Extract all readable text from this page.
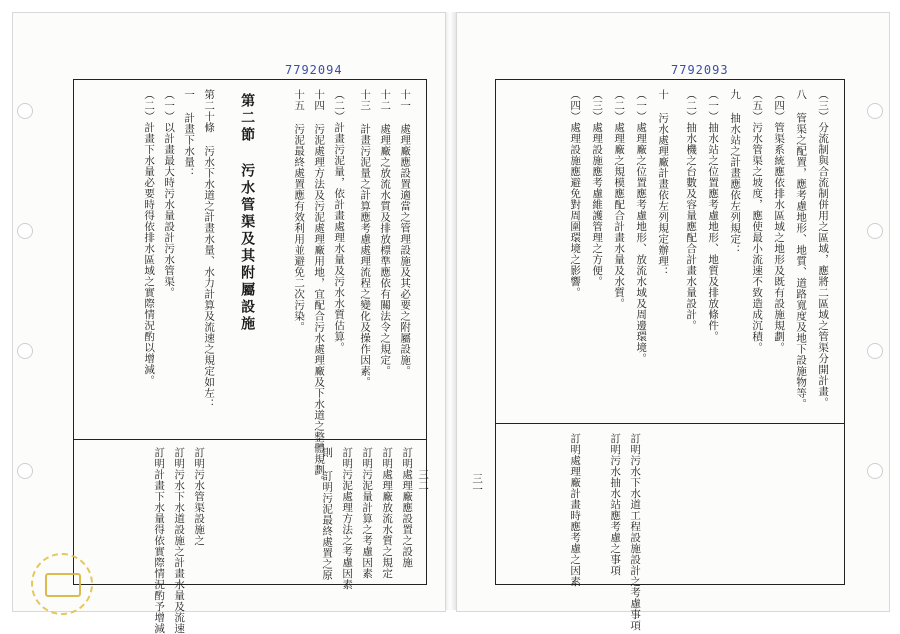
7792094
十一 處理廠應設置適當之管理設施及其必要之附屬設施。
十二 處理廠之放流水質及排放標準應依有關法令之規定。
十三 計畫污泥量之計算應考慮處理流程之變化及操作因素。
（二）計畫污泥量，依計畫處理水量及污水水質估算。
十四 污泥處理方法及污泥處理廠用地，宜配合污水處理廠及下水道之整體規劃。
十五 污泥最終處置應有效利用並避免二次污染。
第二節 污水管渠及其附屬設施
第二十條 污水下水道之計畫水量、水力計算及流速之規定如左：
一 計畫下水量：
（一）以計畫最大時污水量設計污水管渠。
（二）計畫下水量必要時得依排水區域之實際情況酌以增減。
訂明處理廠應設置之設施
訂明處理廠放流水質之規定
訂明污泥量計算之考慮因素
訂明污泥處理方法之考慮因素
則 訂明污泥最終處置之原
訂明污水管渠設施之
訂明污水下水道設施之計畫水量及流速
訂明計畫下水量得依實際情況酌予增減	三二
7792093
三一
（三）分流制與合流制併用之區域，應將二區域之管渠分開計畫。
八 管渠之配置，應考慮地形、地質、道路寬度及地下設施物等。
（四）管渠系統應依排水區域之地形及既有設施規劃。
（五）污水管渠之坡度，應使最小流速不致造成沉積。
九 抽水站之計畫應依左列規定：
（一）抽水站之位置應考慮地形、地質及排放條件。
（二）抽水機之台數及容量應配合計畫水量設計。
十 污水處理廠計畫依左列規定辦理：
（一）處理廠之位置應考慮地形、放流水域及周邊環境。
（二）處理廠之規模應配合計畫水量及水質。
（三）處理設施應考慮維護管理之方便。
（四）處理設施應避免對周圍環境之影響。
訂明污水下水道工程設施設計之考慮事項
訂明污水抽水站應考慮之事項
訂明處理廠計畫時應考慮之因素
